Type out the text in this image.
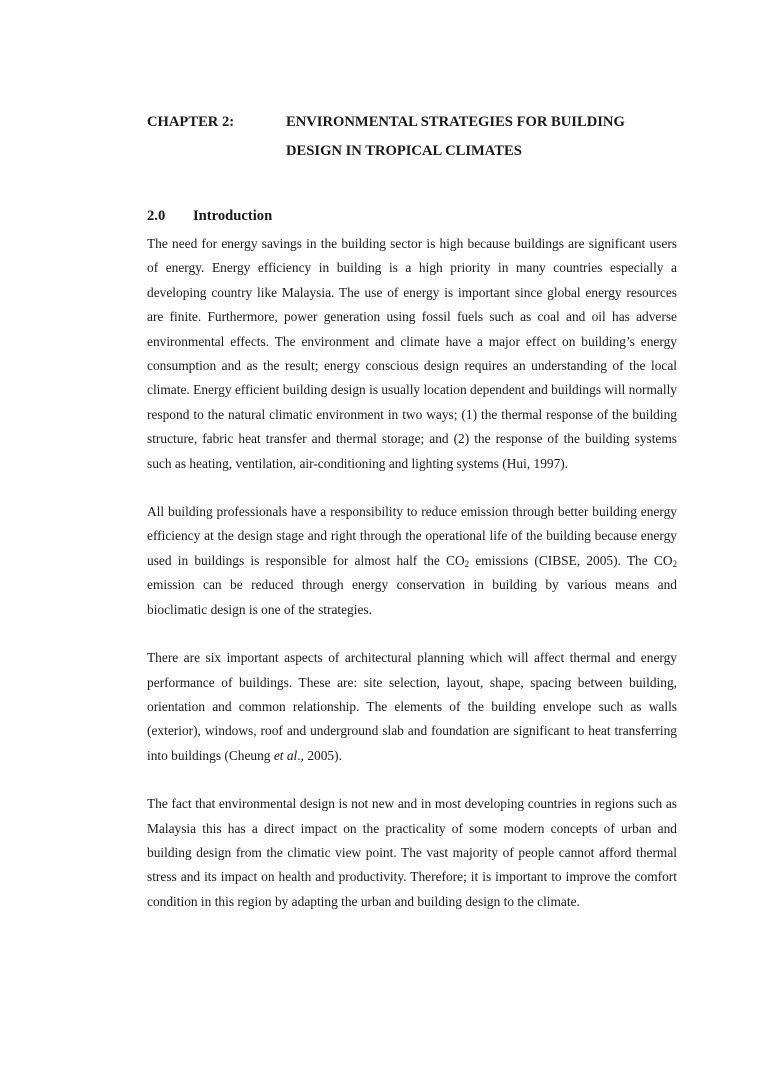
CHAPTER 2:	ENVIRONMENTAL STRATEGIES FOR BUILDING DESIGN IN TROPICAL CLIMATES
2.0	Introduction

The need for energy savings in the building sector is high because buildings are significant users of energy. Energy efficiency in building is a high priority in many countries especially a developing country like Malaysia. The use of energy is important since global energy resources are finite. Furthermore, power generation using fossil fuels such as coal and oil has adverse environmental effects. The environment and climate have a major effect on building’s energy consumption and as the result; energy conscious design requires an understanding of the local climate. Energy efficient building design is usually location dependent and buildings will normally respond to the natural climatic environment in two ways; (1) the thermal response of the building structure, fabric heat transfer and thermal storage; and (2) the response of the building systems such as heating, ventilation, air-conditioning and lighting systems (Hui, 1997).

All building professionals have a responsibility to reduce emission through better building energy efficiency at the design stage and right through the operational life of the building because energy used in buildings is responsible for almost half the $CO_2$ emissions (CIBSE, 2005). The $CO_2$ emission can be reduced through energy conservation in building by various means and bioclimatic design is one of the strategies.

There are six important aspects of architectural planning which will affect thermal and energy performance of buildings. These are: site selection, layout, shape, spacing between building, orientation and common relationship. The elements of the building envelope such as walls (exterior), windows, roof and underground slab and foundation are significant to heat transferring into buildings (Cheung et al., 2005).

The fact that environmental design is not new and in most developing countries in regions such as Malaysia this has a direct impact on the practicality of some modern concepts of urban and building design from the climatic view point. The vast majority of people cannot afford thermal stress and its impact on health and productivity. Therefore; it is important to improve the comfort condition in this region by adapting the urban and building design to the climate.
